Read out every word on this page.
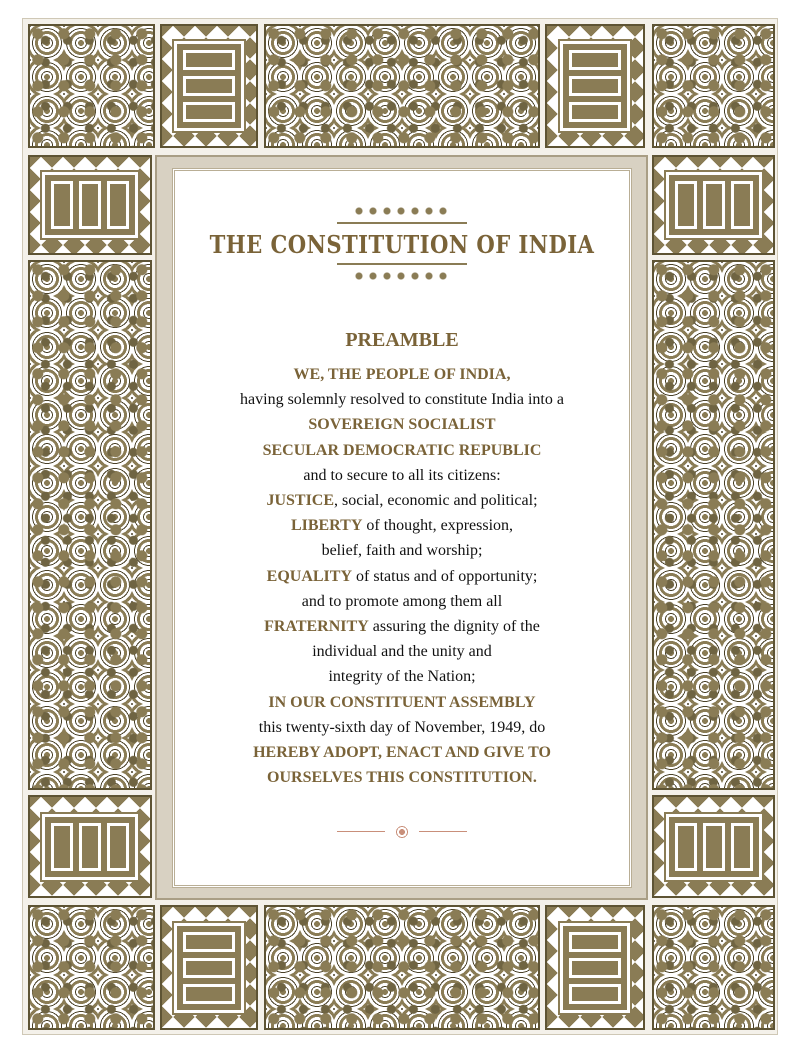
THE CONSTITUTION OF INDIA
PREAMBLE
WE, THE PEOPLE OF INDIA,
having solemnly resolved to constitute India into a
SOVEREIGN SOCIALIST
SECULAR DEMOCRATIC REPUBLIC
and to secure to all its citizens:
JUSTICE, social, economic and political;
LIBERTY of thought, expression,
belief, faith and worship;
EQUALITY of status and of opportunity;
and to promote among them all
FRATERNITY assuring the dignity of the
individual and the unity and
integrity of the Nation;
IN OUR CONSTITUENT ASSEMBLY
this twenty-sixth day of November, 1949, do
HEREBY ADOPT, ENACT AND GIVE TO
OURSELVES THIS CONSTITUTION.
